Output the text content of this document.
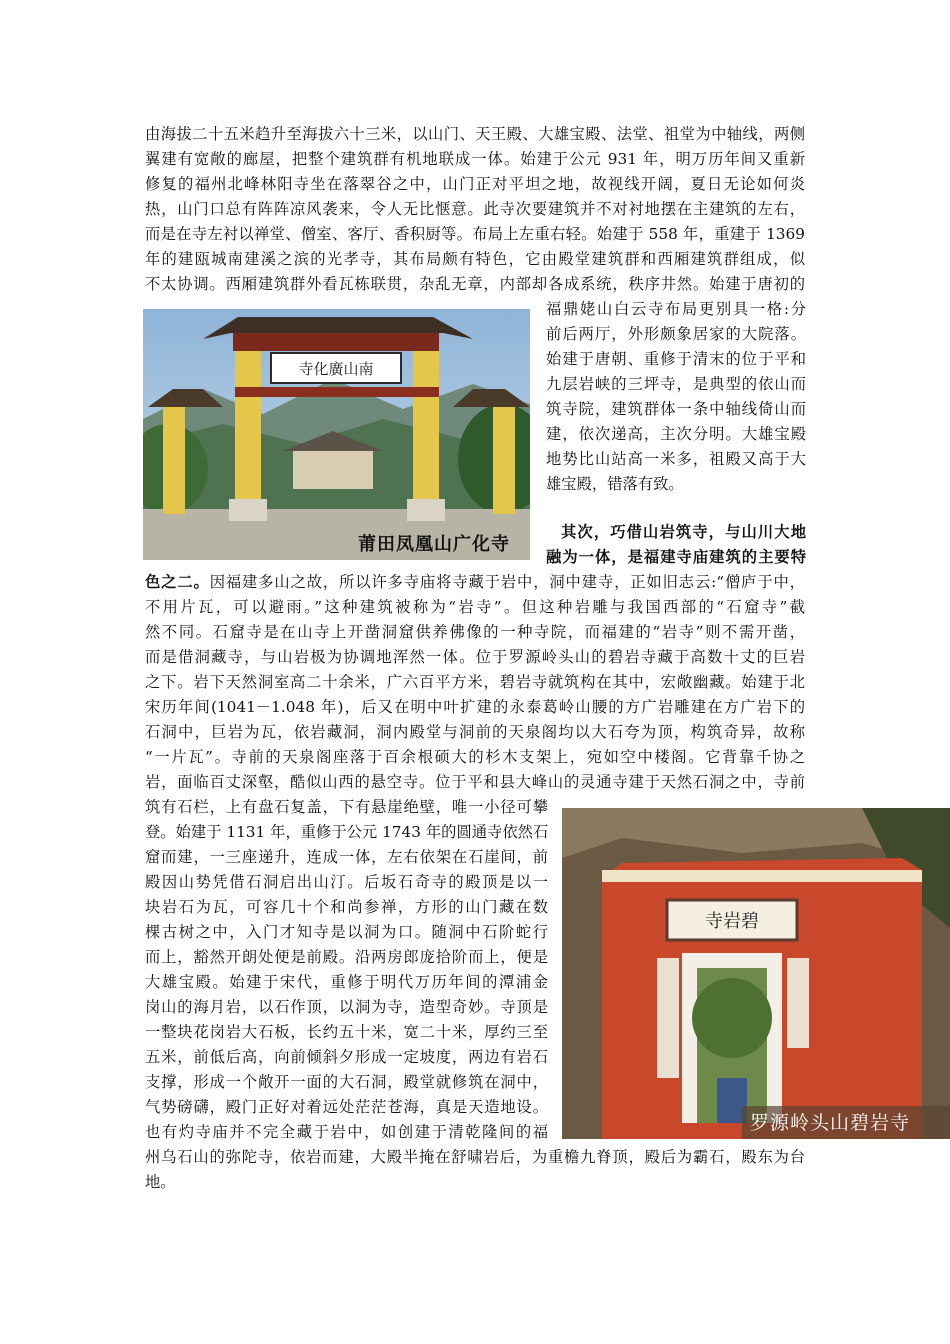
由海拔二十五米趋升至海拔六十三米，以山门、天王殿、大雄宝殿、法堂、祖堂为中轴线，两侧
翼建有宽敞的廊屋，把整个建筑群有机地联成一体。始建于公元 931 年，明万历年间又重新
修复的福州北峰林阳寺坐在落翠谷之中，山门正对平坦之地，故视线开阔，夏日无论如何炎
热，山门口总有阵阵凉风袭来，令人无比惬意。此寺次要建筑并不对衬地摆在主建筑的左右，
而是在寺左衬以禅堂、僧室、客厅、香积厨等。布局上左重右轻。始建于 558 年，重建于 1369
年的建瓯城南建溪之滨的光孝寺，其布局颇有特色，它由殿堂建筑群和西厢建筑群组成，似
不太协调。西厢建筑群外看瓦栋联贯，杂乱无章，内部却各成系统，秩序井然。始建于唐初的
福鼎姥山白云寺布局更别具一格:分
前后两厅，外形颇象居家的大院落。
始建于唐朝、重修于清末的位于平和
九层岩峡的三坪寺，是典型的依山而
筑寺院，建筑群体一条中轴线倚山而
建，依次递高，主次分明。大雄宝殿
地势比山站高一米多，祖殿又高于大
雄宝殿，错落有致。
其次，巧借山岩筑寺，与山川大地
融为一体，是福建寺庙建筑的主要特
色之二。因福建多山之故，所以许多寺庙将寺藏于岩中，洞中建寺，正如旧志云:“僧庐于中，
不用片瓦，可以避雨。”这种建筑被称为“岩寺”。但这种岩雕与我国西部的“石窟寺”截
然不同。石窟寺是在山寺上开凿洞窟供养佛像的一种寺院，而福建的“岩寺”则不需开凿，
而是借洞藏寺，与山岩极为协调地浑然一体。位于罗源岭头山的碧岩寺藏于高数十丈的巨岩
之下。岩下天然洞室高二十余米，广六百平方米，碧岩寺就筑构在其中，宏敞幽藏。始建于北
宋历年间(1041－1.048 年)，后又在明中叶扩建的永泰葛岭山腰的方广岩雕建在方广岩下的
石洞中，巨岩为瓦，依岩藏洞，洞内殿堂与洞前的天泉阁均以大石夸为顶，构筑奇异，故称
“一片瓦”。寺前的天泉阁座落于百余根硕大的杉木支架上，宛如空中楼阁。它背靠千协之
岩，面临百丈深壑，酷似山西的悬空寺。位于平和县大峰山的灵通寺建于天然石洞之中，寺前
筑有石栏，上有盘石复盖，下有悬崖绝壁，唯一小径可攀
登。始建于 1131 年，重修于公元 1743 年的圆通寺依然石
窟而建，一三座递升，连成一体，左右依架在石崖间，前
殿因山势凭借石洞启出山汀。后坂石奇寺的殿顶是以一
块岩石为瓦，可容几十个和尚参禅，方形的山门藏在数
棵古树之中，入门才知寺是以洞为口。随洞中石阶蛇行
而上，豁然开朗处便是前殿。沿两房郎庞拾阶而上，便是
大雄宝殿。始建于宋代，重修于明代万历年间的潭浦金
岗山的海月岩，以石作顶，以洞为寺，造型奇妙。寺顶是
一整块花岗岩大石板，长约五十米，宽二十米，厚约三至
五米，前低后高，向前倾斜夕形成一定坡度，两边有岩石
支撑，形成一个敞开一面的大石洞，殿堂就修筑在洞中，
气势磅礴，殿门正好对着远处茫茫苍海，真是天造地设。
也有灼寺庙并不完全藏于岩中，如创建于清乾隆间的福
州乌石山的弥陀寺，依岩而建，大殿半掩在舒啸岩后，为重檐九脊顶，殿后为霸石，殿东为台
地。
寺化廣山南
莆田凤凰山广化寺
寺岩碧
罗源岭头山碧岩寺
